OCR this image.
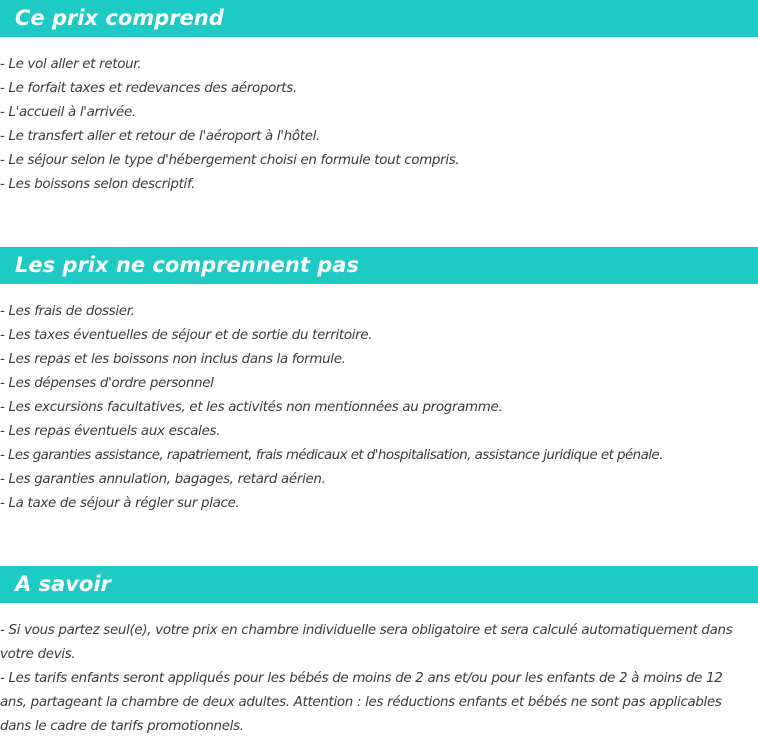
Ce prix comprend
- Le vol aller et retour.
- Le forfait taxes et redevances des aéroports.
- L'accueil à l'arrivée.
- Le transfert aller et retour de l'aéroport à l'hôtel.
- Le séjour selon le type d'hébergement choisi en formule tout compris.
- Les boissons selon descriptif.
Les prix ne comprennent pas
- Les frais de dossier.
- Les taxes éventuelles de séjour et de sortie du territoire.
- Les repas et les boissons non inclus dans la formule.
- Les dépenses d'ordre personnel
- Les excursions facultatives, et les activités non mentionnées au programme.
- Les repas éventuels aux escales.
- Les garanties assistance, rapatriement, frais médicaux et d'hospitalisation, assistance juridique et pénale.
- Les garanties annulation, bagages, retard aérien.
- La taxe de séjour à régler sur place.
A savoir
- Si vous partez seul(e), votre prix en chambre individuelle sera obligatoire et sera calculé automatiquement dans votre devis.
- Les tarifs enfants seront appliqués pour les bébés de moins de 2 ans et/ou pour les enfants de 2 à moins de 12 ans, partageant la chambre de deux adultes. Attention : les réductions enfants et bébés ne sont pas applicables dans le cadre de tarifs promotionnels.
